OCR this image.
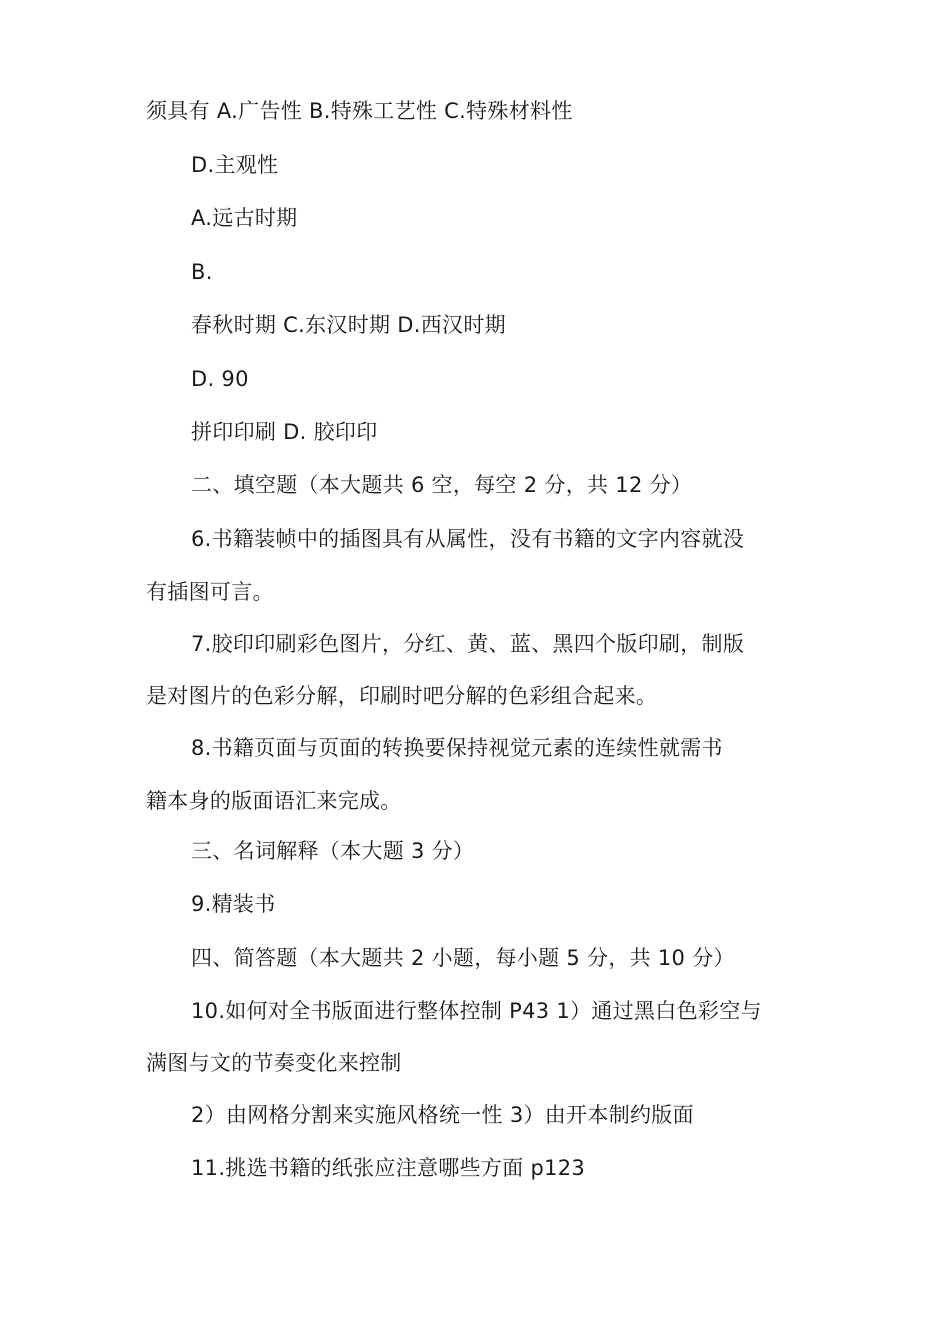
须具有 A.广告性 B.特殊工艺性 C.特殊材料性
D.主观性
A.远古时期
B.
春秋时期 C.东汉时期 D.西汉时期
D. 90
拼印印刷 D. 胶印印
二、填空题（本大题共 6 空，每空 2 分，共 12 分）
6.书籍装帧中的插图具有从属性，没有书籍的文字内容就没
有插图可言。
7.胶印印刷彩色图片，分红、黄、蓝、黑四个版印刷，制版
是对图片的色彩分解，印刷时吧分解的色彩组合起来。
8.书籍页面与页面的转换要保持视觉元素的连续性就需书
籍本身的版面语汇来完成。
三、名词解释（本大题 3 分）
9.精装书
四、简答题（本大题共 2 小题，每小题 5 分，共 10 分）
10.如何对全书版面进行整体控制 P43 1）通过黑白色彩空与
满图与文的节奏变化来控制
2）由网格分割来实施风格统一性 3）由开本制约版面
11.挑选书籍的纸张应注意哪些方面 p123
